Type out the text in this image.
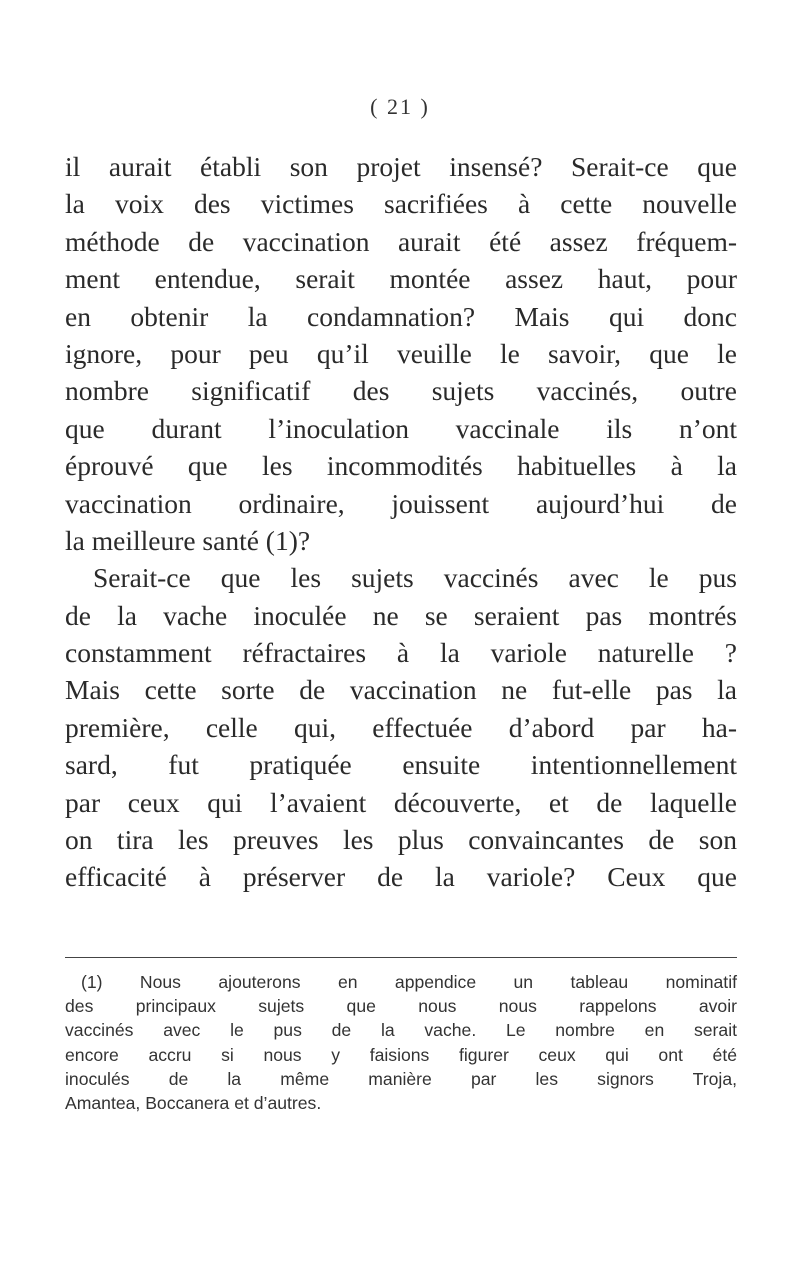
( 21 )
il aurait établi son projet insensé? Serait-ce que
la voix des victimes sacrifiées à cette nouvelle
méthode de vaccination aurait été assez fréquem-
ment entendue, serait montée assez haut, pour
en obtenir la condamnation? Mais qui donc
ignore, pour peu qu’il veuille le savoir, que le
nombre significatif des sujets vaccinés, outre
que durant l’inoculation vaccinale ils n’ont
éprouvé que les incommodités habituelles à la
vaccination ordinaire, jouissent aujourd’hui de
la meilleure santé (1)?
Serait-ce que les sujets vaccinés avec le pus
de la vache inoculée ne se seraient pas montrés
constamment réfractaires à la variole naturelle ?
Mais cette sorte de vaccination ne fut-elle pas la
première, celle qui, effectuée d’abord par ha-
sard, fut pratiquée ensuite intentionnellement
par ceux qui l’avaient découverte, et de laquelle
on tira les preuves les plus convaincantes de son
efficacité à préserver de la variole? Ceux que
(1) Nous ajouterons en appendice un tableau nominatif
des principaux sujets que nous nous rappelons avoir
vaccinés avec le pus de la vache. Le nombre en serait
encore accru si nous y faisions figurer ceux qui ont été
inoculés de la même manière par les signors Troja,
Amantea, Boccanera et d’autres.
